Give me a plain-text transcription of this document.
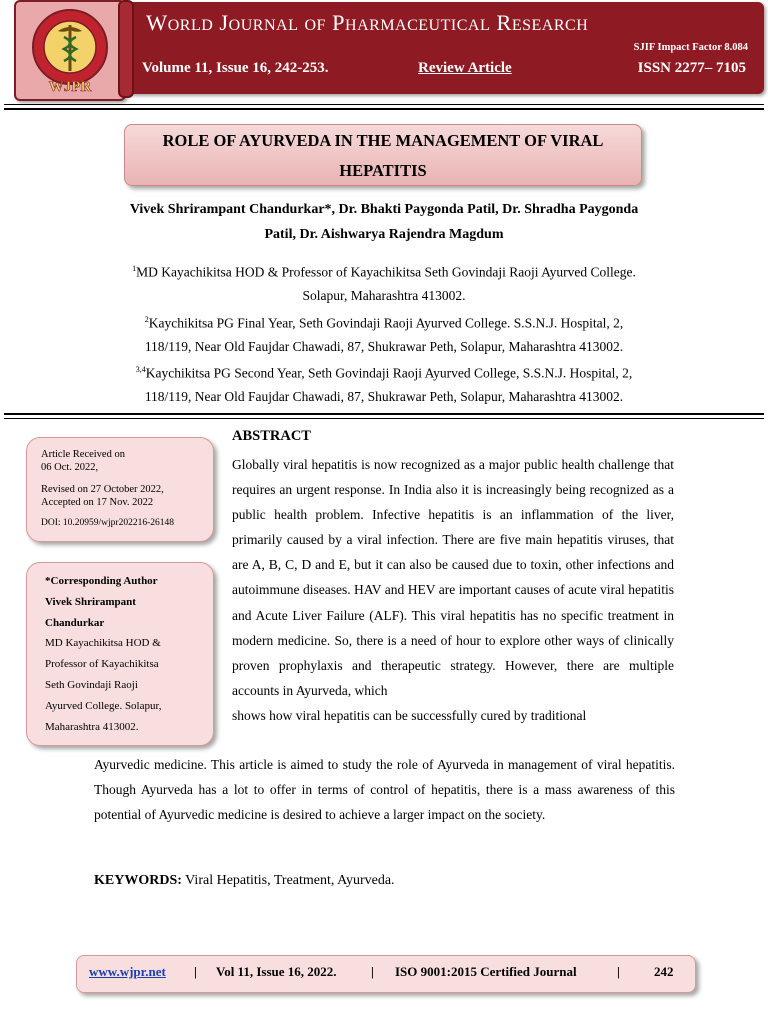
WJPR
World Journal of Pharmaceutical Research
SJIF Impact Factor 8.084
Volume 11, Issue 16, 242-253.	Review Article	ISSN 2277– 7105
ROLE OF AYURVEDA IN THE MANAGEMENT OF VIRAL
HEPATITIS
Vivek Shrirampant Chandurkar*, Dr. Bhakti Paygonda Patil, Dr. Shradha Paygonda
Patil, Dr. Aishwarya Rajendra Magdum
$^1$MD Kayachikitsa HOD & Professor of Kayachikitsa Seth Govindaji Raoji Ayurved College.
Solapur, Maharashtra 413002.
$^2$Kaychikitsa PG Final Year, Seth Govindaji Raoji Ayurved College. S.S.N.J. Hospital, 2,
118/119, Near Old Faujdar Chawadi, 87, Shukrawar Peth, Solapur, Maharashtra 413002.
$^{3,4}$Kaychikitsa PG Second Year, Seth Govindaji Raoji Ayurved College, S.S.N.J. Hospital, 2,
118/119, Near Old Faujdar Chawadi, 87, Shukrawar Peth, Solapur, Maharashtra 413002.
Article Received on
06 Oct. 2022,
Revised on 27 October 2022,
Accepted on 17 Nov. 2022
DOI: 10.20959/wjpr202216-26148
*Corresponding Author
Vivek Shrirampant
Chandurkar
MD Kayachikitsa HOD &
Professor of Kayachikitsa
Seth Govindaji Raoji
Ayurved College. Solapur,
Maharashtra 413002.
ABSTRACT
Globally viral hepatitis is now recognized as a major public health challenge that requires an urgent response. In India also it is increasingly being recognized as a public health problem. Infective hepatitis is an inflammation of the liver, primarily caused by a viral infection. There are five main hepatitis viruses, that are A, B, C, D and E, but it can also be caused due to toxin, other infections and autoimmune diseases. HAV and HEV are important causes of acute viral hepatitis and Acute Liver Failure (ALF). This viral hepatitis has no specific treatment in modern medicine. So, there is a need of hour to explore other ways of clinically proven prophylaxis and therapeutic strategy. However, there are multiple accounts in Ayurveda, which
shows how viral hepatitis can be successfully cured by traditional
Ayurvedic medicine. This article is aimed to study the role of Ayurveda in management of viral hepatitis. Though Ayurveda has a lot to offer in terms of control of hepatitis, there is a mass awareness of this potential of Ayurvedic medicine is desired to achieve a larger impact on the society.
KEYWORDS: Viral Hepatitis, Treatment, Ayurveda.
www.wjpr.net | Vol 11, Issue 16, 2022.	| ISO 9001:2015 Certified Journal	|	242
